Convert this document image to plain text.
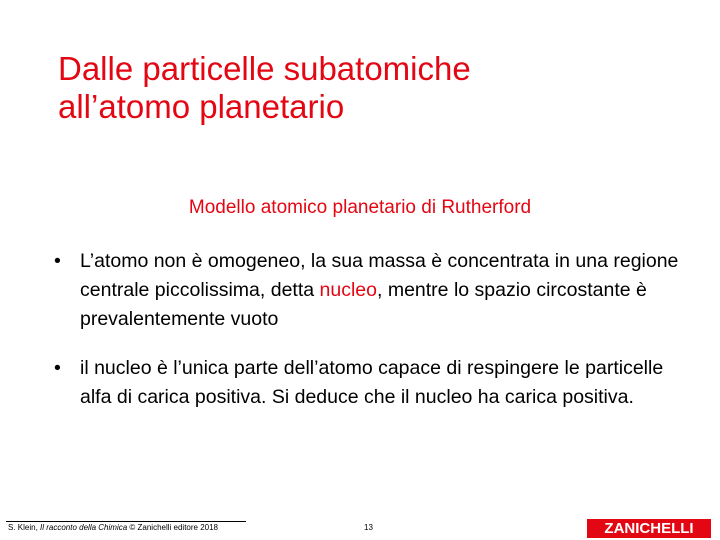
Dalle particelle subatomiche
all’atomo planetario
Modello atomico planetario di Rutherford
• L’atomo non è omogeneo, la sua massa è concentrata in una regione centrale piccolissima, detta nucleo, mentre lo spazio circostante è prevalentemente vuoto
• il nucleo è l’unica parte dell’atomo capace di respingere le particelle alfa di carica positiva. Si deduce che il nucleo ha carica positiva.
S. Klein, Il racconto della Chimica © Zanichelli editore 2018	13	ZANICHELLI
